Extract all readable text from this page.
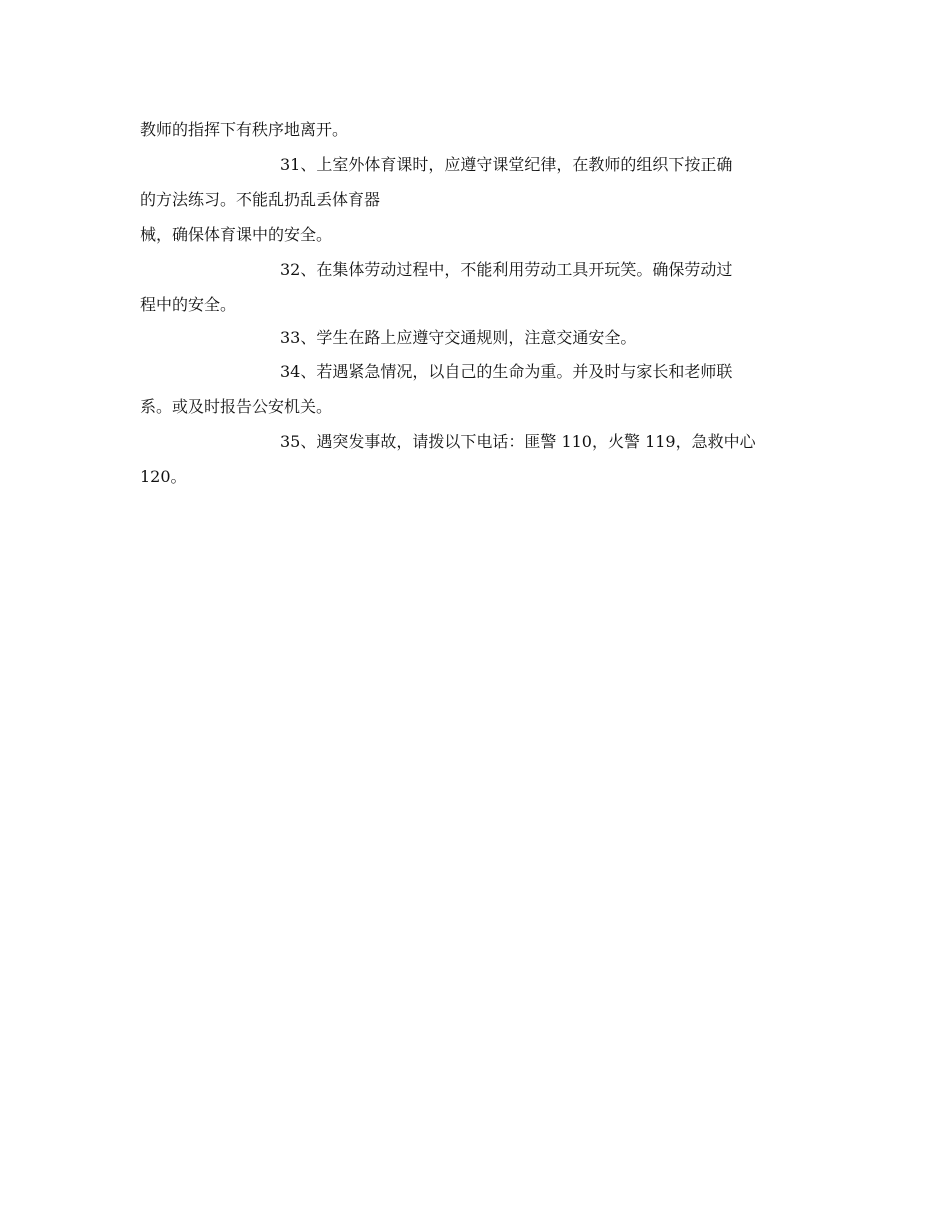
教师的指挥下有秩序地离开。
31、上室外体育课时，应遵守课堂纪律，在教师的组织下按正确
的方法练习。不能乱扔乱丢体育器
械，确保体育课中的安全。
32、在集体劳动过程中，不能利用劳动工具开玩笑。确保劳动过
程中的安全。
33、学生在路上应遵守交通规则，注意交通安全。
34、若遇紧急情况，以自己的生命为重。并及时与家长和老师联
系。或及时报告公安机关。
35、遇突发事故，请拨以下电话：匪警 110，火警 119，急救中心
120。
